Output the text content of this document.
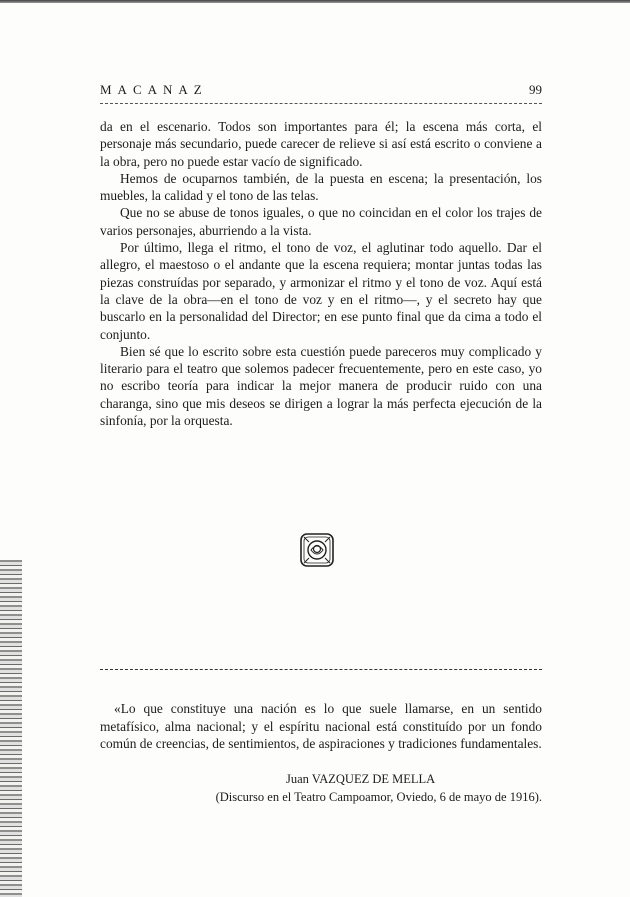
MACANAZ	99

da en el escenario. Todos son importantes para él; la escena más corta, el personaje más secundario, puede carecer de relieve si así está escrito o conviene a la obra, pero no puede estar vacío de significado.

Hemos de ocuparnos también, de la puesta en escena; la presentación, los muebles, la calidad y el tono de las telas.

Que no se abuse de tonos iguales, o que no coincidan en el color los trajes de varios personajes, aburriendo a la vista.

Por último, llega el ritmo, el tono de voz, el aglutinar todo aquello. Dar el allegro, el maestoso o el andante que la escena requiera; montar juntas todas las piezas construídas por separado, y armonizar el ritmo y el tono de voz. Aquí está la clave de la obra—en el tono de voz y en el ritmo—, y el secreto hay que buscarlo en la personalidad del Director; en ese punto final que da cima a todo el conjunto.

Bien sé que lo escrito sobre esta cuestión puede pareceros muy complicado y literario para el teatro que solemos padecer frecuentemente, pero en este caso, yo no escribo teoría para indicar la mejor manera de producir ruido con una charanga, sino que mis deseos se dirigen a lograr la más perfecta ejecución de la sinfonía, por la orquesta.

«Lo que constituye una nación es lo que suele llamarse, en un sentido metafísico, alma nacional; y el espíritu nacional está constituído por un fondo común de creencias, de sentimientos, de aspiraciones y tradiciones fundamentales.

Juan VAZQUEZ DE MELLA
(Discurso en el Teatro Campoamor, Oviedo, 6 de mayo de 1916).
